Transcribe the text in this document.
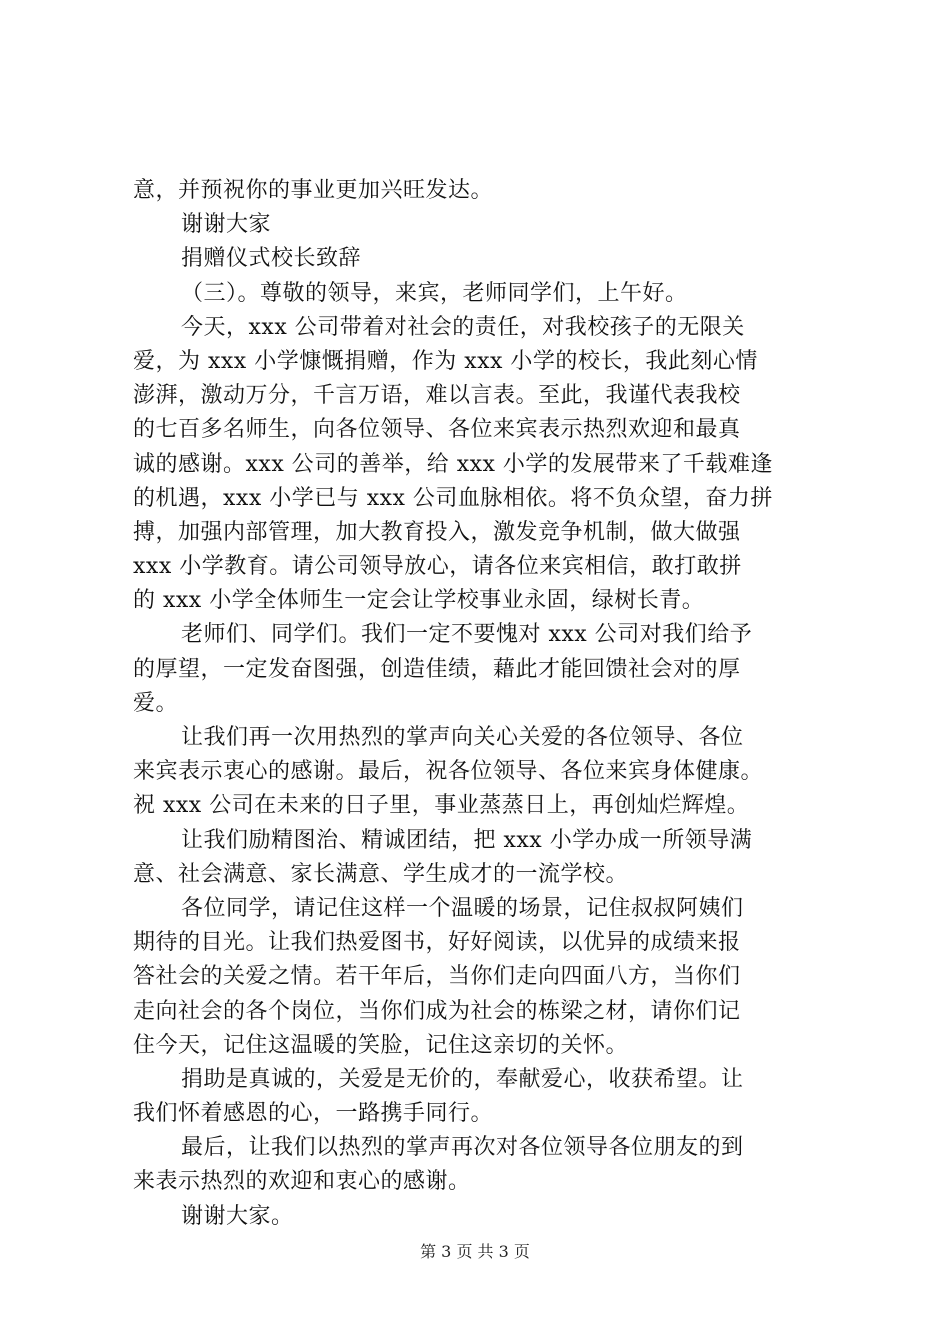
意，并预祝你的事业更加兴旺发达。
谢谢大家
捐赠仪式校长致辞
（三）。尊敬的领导，来宾，老师同学们，上午好。
今天，xxx 公司带着对社会的责任，对我校孩子的无限关
爱，为 xxx 小学慷慨捐赠，作为 xxx 小学的校长，我此刻心情
澎湃，激动万分，千言万语，难以言表。至此，我谨代表我校
的七百多名师生，向各位领导、各位来宾表示热烈欢迎和最真
诚的感谢。xxx 公司的善举，给 xxx 小学的发展带来了千载难逢
的机遇，xxx 小学已与 xxx 公司血脉相依。将不负众望，奋力拼
搏，加强内部管理，加大教育投入，激发竞争机制，做大做强
xxx 小学教育。请公司领导放心，请各位来宾相信，敢打敢拼
的 xxx 小学全体师生一定会让学校事业永固，绿树长青。
老师们、同学们。我们一定不要愧对 xxx 公司对我们给予
的厚望，一定发奋图强，创造佳绩，藉此才能回馈社会对的厚
爱。
让我们再一次用热烈的掌声向关心关爱的各位领导、各位
来宾表示衷心的感谢。最后，祝各位领导、各位来宾身体健康。
祝 xxx 公司在未来的日子里，事业蒸蒸日上，再创灿烂辉煌。
让我们励精图治、精诚团结，把 xxx 小学办成一所领导满
意、社会满意、家长满意、学生成才的一流学校。
各位同学，请记住这样一个温暖的场景，记住叔叔阿姨们
期待的目光。让我们热爱图书，好好阅读，以优异的成绩来报
答社会的关爱之情。若干年后，当你们走向四面八方，当你们
走向社会的各个岗位，当你们成为社会的栋梁之材，请你们记
住今天，记住这温暖的笑脸，记住这亲切的关怀。
捐助是真诚的，关爱是无价的，奉献爱心，收获希望。让
我们怀着感恩的心，一路携手同行。
最后，让我们以热烈的掌声再次对各位领导各位朋友的到
来表示热烈的欢迎和衷心的感谢。
谢谢大家。
第 3 页 共 3 页
